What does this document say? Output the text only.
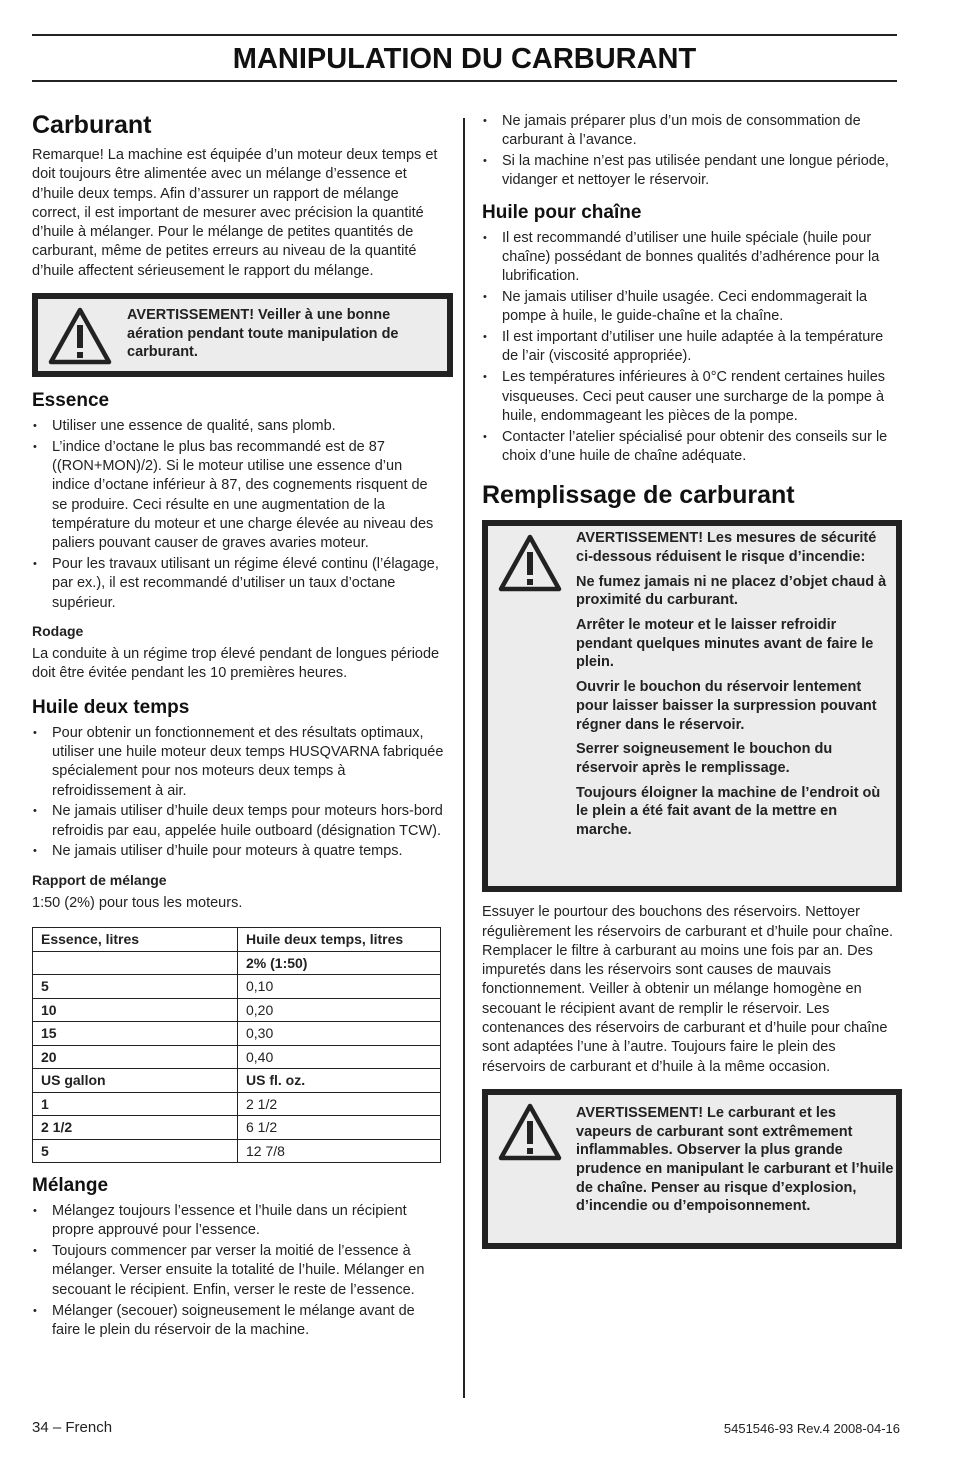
MANIPULATION DU CARBURANT
Carburant

Remarque! La machine est équipée d’un moteur deux temps et doit toujours être alimentée avec un mélange d’essence et d’huile deux temps. Afin d’assurer un rapport de mélange correct, il est important de mesurer avec précision la quantité d’huile à mélanger. Pour le mélange de petites quantités de carburant, même de petites erreurs au niveau de la quantité d’huile affectent sérieusement le rapport du mélange.

AVERTISSEMENT! Veiller à une bonne aération pendant toute manipulation de carburant.
Essence
• Utiliser une essence de qualité, sans plomb.
• L’indice d’octane le plus bas recommandé est de 87 ((RON+MON)/2). Si le moteur utilise une essence d’un indice d’octane inférieur à 87, des cognements risquent de se produire. Ceci résulte en une augmentation de la température du moteur et une charge élevée au niveau des paliers pouvant causer de graves avaries moteur.
• Pour les travaux utilisant un régime élevé continu (l’élagage, par ex.), il est recommandé d’utiliser un taux d’octane supérieur.
Rodage

La conduite à un régime trop élevé pendant de longues période doit être évitée pendant les 10 premières heures.

Huile deux temps
• Pour obtenir un fonctionnement et des résultats optimaux, utiliser une huile moteur deux temps HUSQVARNA fabriquée spécialement pour nos moteurs deux temps à refroidissement à air.
• Ne jamais utiliser d’huile deux temps pour moteurs hors-bord refroidis par eau, appelée huile outboard (désignation TCW).
• Ne jamais utiliser d’huile pour moteurs à quatre temps.
Rapport de mélange

1:50 (2%) pour tous les moteurs.

Essence, litres	Huile deux temps, litres
	2% (1:50)
5	0,10
10	0,20
15	0,30
20	0,40
US gallon	US fl. oz.
1	2 1/2
2 1/2	6 1/2
5	12 7/8
Mélange
• Mélangez toujours l’essence et l’huile dans un récipient propre approuvé pour l’essence.
• Toujours commencer par verser la moitié de l’essence à mélanger. Verser ensuite la totalité de l’huile. Mélanger en secouant le récipient. Enfin, verser le reste de l’essence.
• Mélanger (secouer) soigneusement le mélange avant de faire le plein du réservoir de la machine.
• Ne jamais préparer plus d’un mois de consommation de carburant à l’avance.
• Si la machine n’est pas utilisée pendant une longue période, vidanger et nettoyer le réservoir.
Huile pour chaîne
• Il est recommandé d’utiliser une huile spéciale (huile pour chaîne) possédant de bonnes qualités d’adhérence pour la lubrification.
• Ne jamais utiliser d’huile usagée. Ceci endommagerait la pompe à huile, le guide-chaîne et la chaîne.
• Il est important d’utiliser une huile adaptée à la température de l’air (viscosité appropriée).
• Les températures inférieures à 0°C rendent certaines huiles visqueuses. Ceci peut causer une surcharge de la pompe à huile, endommageant les pièces de la pompe.
• Contacter l’atelier spécialisé pour obtenir des conseils sur le choix d’une huile de chaîne adéquate.
Remplissage de carburant

AVERTISSEMENT! Les mesures de sécurité ci-dessous réduisent le risque d’incendie:

Ne fumez jamais ni ne placez d’objet chaud à proximité du carburant.

Arrêter le moteur et le laisser refroidir pendant quelques minutes avant de faire le plein.

Ouvrir le bouchon du réservoir lentement pour laisser baisser la surpression pouvant régner dans le réservoir.

Serrer soigneusement le bouchon du réservoir après le remplissage.

Toujours éloigner la machine de l’endroit où le plein a été fait avant de la mettre en marche.

Essuyer le pourtour des bouchons des réservoirs. Nettoyer régulièrement les réservoirs de carburant et d’huile pour chaîne. Remplacer le filtre à carburant au moins une fois par an. Des impuretés dans les réservoirs sont causes de mauvais fonctionnement. Veiller à obtenir un mélange homogène en secouant le récipient avant de remplir le réservoir. Les contenances des réservoirs de carburant et d’huile pour chaîne sont adaptées l’une à l’autre. Toujours faire le plein des réservoirs de carburant et d’huile à la même occasion.

AVERTISSEMENT! Le carburant et les vapeurs de carburant sont extrêmement inflammables. Observer la plus grande prudence en manipulant le carburant et l’huile de chaîne. Penser au risque d’explosion, d’incendie ou d’empoisonnement.
34 – French	5451546-93 Rev.4 2008-04-16
